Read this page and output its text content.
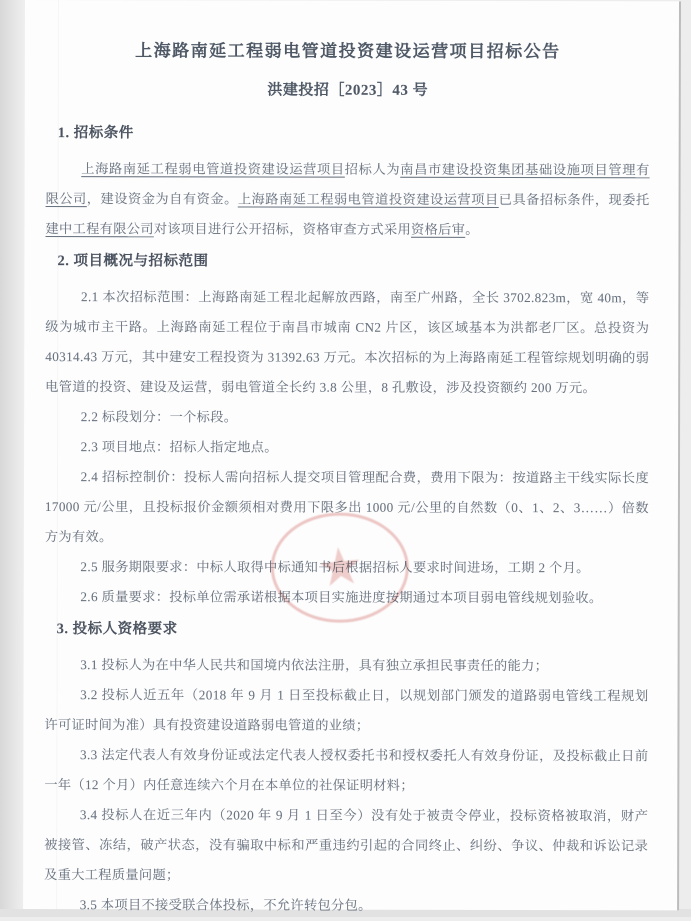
上海路南延工程弱电管道投资建设运营项目招标公告
洪建投招［2023］43 号
1. 招标条件

上海路南延工程弱电管道投资建设运营项目招标人为南昌市建设投资集团基础设施项目管理有限公司，建设资金为自有资金。上海路南延工程弱电管道投资建设运营项目已具备招标条件，现委托建中工程有限公司对该项目进行公开招标，资格审查方式采用资格后审。

2. 项目概况与招标范围

2.1 本次招标范围：上海路南延工程北起解放西路，南至广州路，全长 3702.823m，宽 40m，等级为城市主干路。上海路南延工程位于南昌市城南 CN2 片区，该区域基本为洪都老厂区。总投资为 40314.43 万元，其中建安工程投资为 31392.63 万元。本次招标的为上海路南延工程管综规划明确的弱电管道的投资、建设及运营，弱电管道全长约 3.8 公里，8 孔敷设，涉及投资额约 200 万元。

2.2 标段划分：一个标段。

2.3 项目地点：招标人指定地点。

2.4 招标控制价：投标人需向招标人提交项目管理配合费，费用下限为：按道路主干线实际长度 17000 元/公里，且投标报价金额须相对费用下限多出 1000 元/公里的自然数（0、1、2、3……）倍数方为有效。

2.5 服务期限要求：中标人取得中标通知书后根据招标人要求时间进场，工期 2 个月。

2.6 质量要求：投标单位需承诺根据本项目实施进度按期通过本项目弱电管线规划验收。

3. 投标人资格要求

3.1 投标人为在中华人民共和国境内依法注册，具有独立承担民事责任的能力；

3.2 投标人近五年（2018 年 9 月 1 日至投标截止日，以规划部门颁发的道路弱电管线工程规划许可证时间为准）具有投资建设道路弱电管道的业绩；

3.3 法定代表人有效身份证或法定代表人授权委托书和授权委托人有效身份证，及投标截止日前一年（12 个月）内任意连续六个月在本单位的社保证明材料；

3.4 投标人在近三年内（2020 年 9 月 1 日至今）没有处于被责令停业，投标资格被取消，财产被接管、冻结，破产状态，没有骗取中标和严重违约引起的合同终止、纠纷、争议、仲裁和诉讼记录及重大工程质量问题；

3.5 本项目不接受联合体投标，不允许转包分包。

★
